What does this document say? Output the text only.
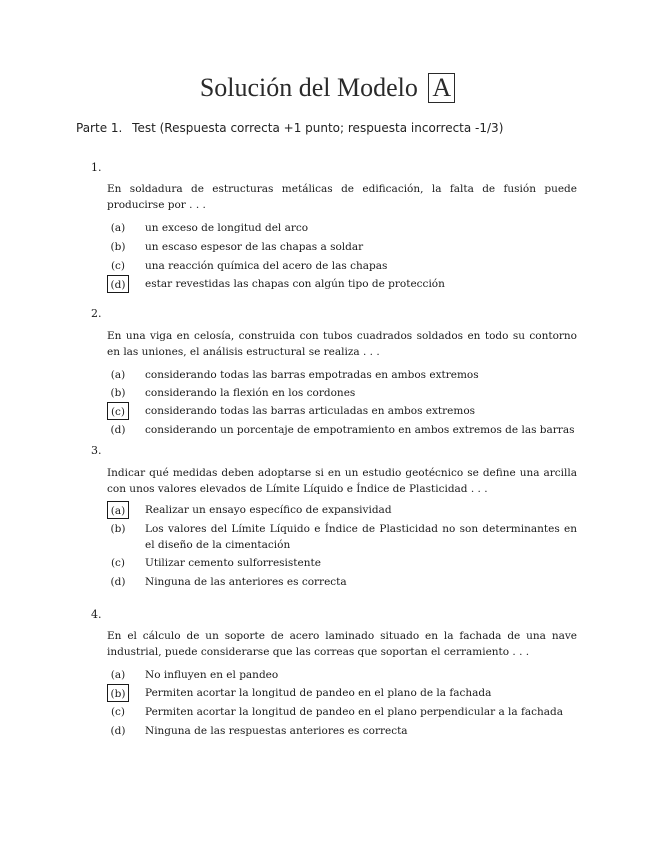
Solución del Modelo A
Parte 1. Test (Respuesta correcta +1 punto; respuesta incorrecta -1/3)
1.
En soldadura de estructuras metálicas de edificación, la falta de fusión puede producirse por . . .
(a)	un exceso de longitud del arco
(b)	un escaso espesor de las chapas a soldar
(c)	una reacción química del acero de las chapas
(d)	estar revestidas las chapas con algún tipo de protección
2.
En una viga en celosía, construida con tubos cuadrados soldados en todo su contorno en las uniones, el análisis estructural se realiza . . .
(a)	considerando todas las barras empotradas en ambos extremos
(b)	considerando la flexión en los cordones
(c)	considerando todas las barras articuladas en ambos extremos
(d)	considerando un porcentaje de empotramiento en ambos extremos de las barras
3.
Indicar qué medidas deben adoptarse si en un estudio geotécnico se define una arcilla con unos valores elevados de Límite Líquido e Índice de Plasticidad . . .
(a)	Realizar un ensayo específico de expansividad
(b)	Los valores del Límite Líquido e Índice de Plasticidad no son determinantes en el diseño de la cimentación
(c)	Utilizar cemento sulforresistente
(d)	Ninguna de las anteriores es correcta
4.
En el cálculo de un soporte de acero laminado situado en la fachada de una nave industrial, puede considerarse que las correas que soportan el cerramiento . . .
(a)	No influyen en el pandeo
(b)	Permiten acortar la longitud de pandeo en el plano de la fachada
(c)	Permiten acortar la longitud de pandeo en el plano perpendicular a la fachada
(d)	Ninguna de las respuestas anteriores es correcta
